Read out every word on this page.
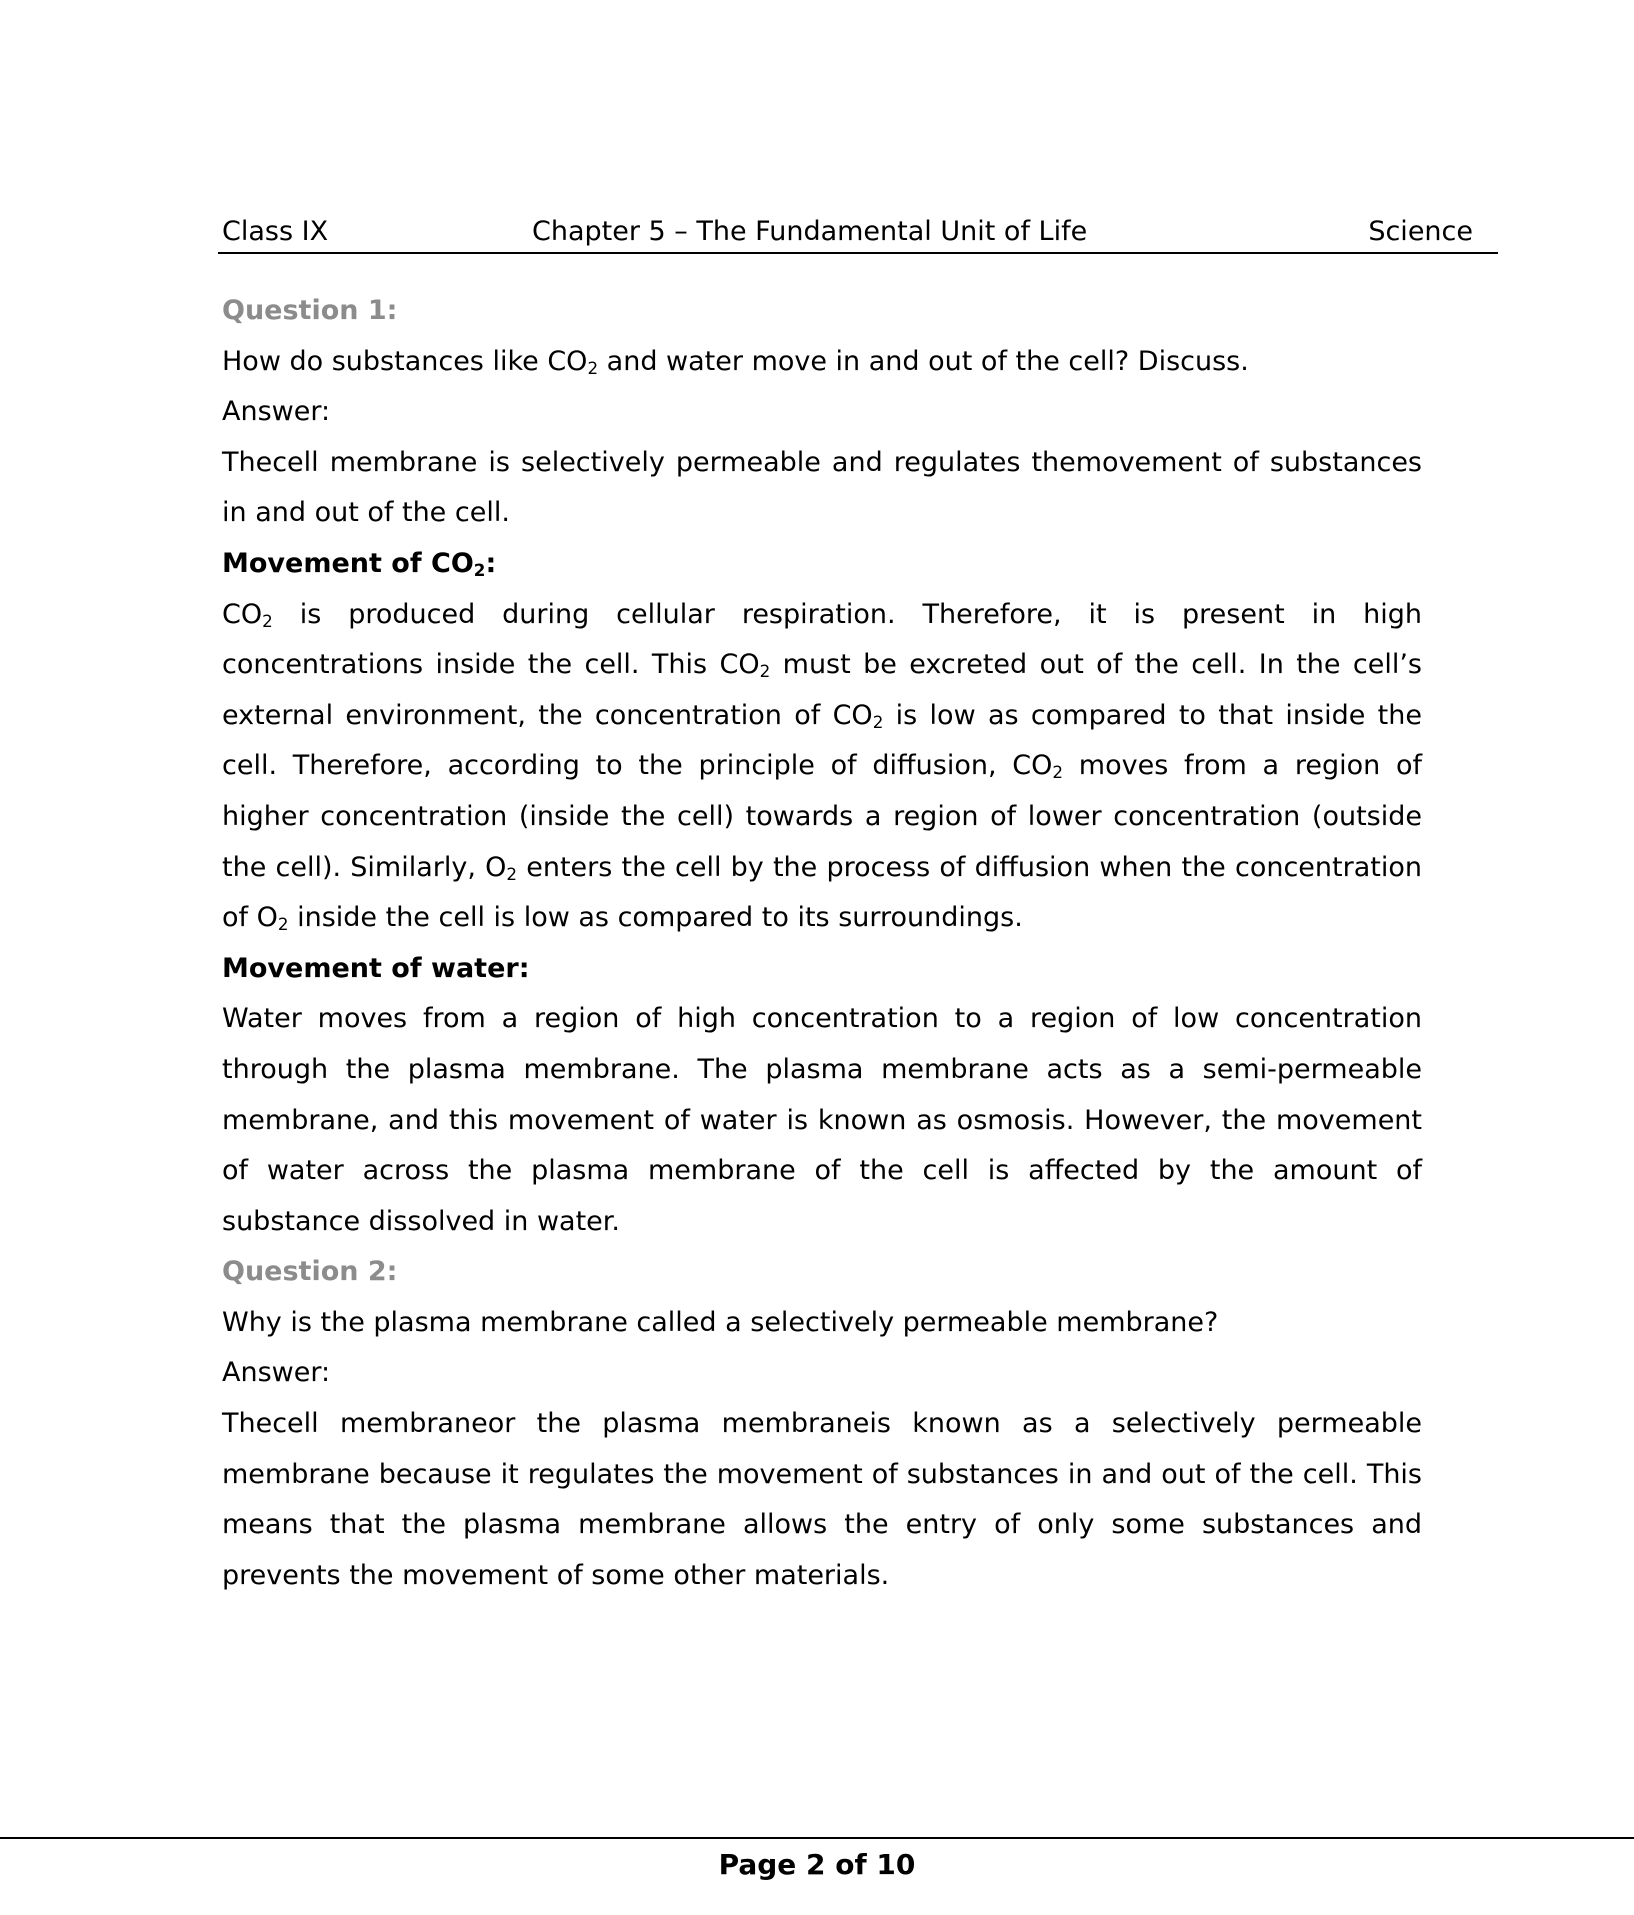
Class IX	Chapter 5 – The Fundamental Unit of Life	Science

Question 1:

How do substances like $CO_2$ and water move in and out of the cell? Discuss.

Answer:

Thecell membrane is selectively permeable and regulates themovement of substances in and out of the cell.

Movement of $CO_2$:

$CO_2$ is produced during cellular respiration. Therefore, it is present in high concentrations inside the cell. This $CO_2$ must be excreted out of the cell. In the cell’s external environment, the concentration of $CO_2$ is low as compared to that inside the cell. Therefore, according to the principle of diffusion, $CO_2$ moves from a region of higher concentration (inside the cell) towards a region of lower concentration (outside the cell). Similarly, $O_2$ enters the cell by the process of diffusion when the concentration of $O_2$ inside the cell is low as compared to its surroundings.

Movement of water:

Water moves from a region of high concentration to a region of low concentration through the plasma membrane. The plasma membrane acts as a semi-permeable membrane, and this movement of water is known as osmosis. However, the movement of water across the plasma membrane of the cell is affected by the amount of substance dissolved in water.

Question 2:

Why is the plasma membrane called a selectively permeable membrane?

Answer:

Thecell membraneor the plasma membraneis known as a selectively permeable membrane because it regulates the movement of substances in and out of the cell. This means that the plasma membrane allows the entry of only some substances and prevents the movement of some other materials.

Page 2 of 10
